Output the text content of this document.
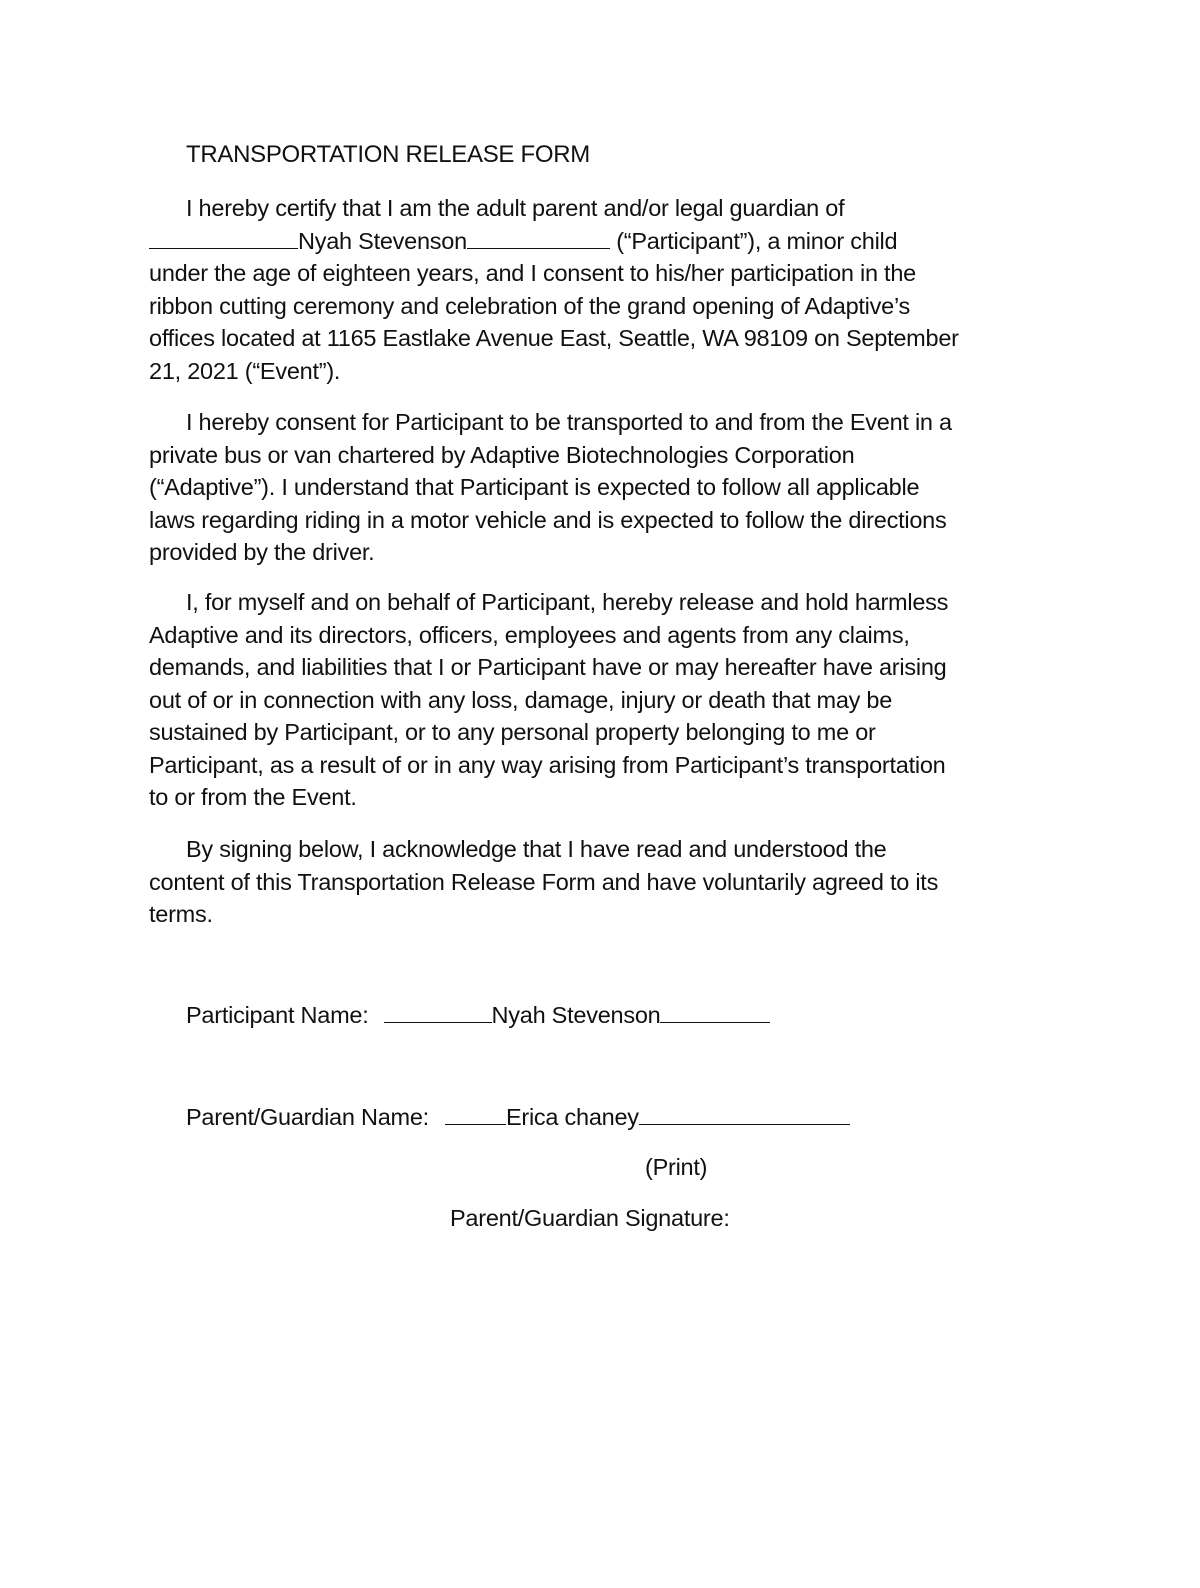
TRANSPORTATION RELEASE FORM
I hereby certify that I am the adult parent and/or legal guardian of
Nyah Stevenson	(“Participant”), a minor child
under the age of eighteen years, and I consent to his/her participation in the
ribbon cutting ceremony and celebration of the grand opening of Adaptive’s
offices located at 1165 Eastlake Avenue East, Seattle, WA 98109 on September
21, 2021 (“Event”).
I hereby consent for Participant to be transported to and from the Event in a
private bus or van chartered by Adaptive Biotechnologies Corporation
(“Adaptive”). I understand that Participant is expected to follow all applicable
laws regarding riding in a motor vehicle and is expected to follow the directions
provided by the driver.
I, for myself and on behalf of Participant, hereby release and hold harmless
Adaptive and its directors, officers, employees and agents from any claims,
demands, and liabilities that I or Participant have or may hereafter have arising
out of or in connection with any loss, damage, injury or death that may be
sustained by Participant, or to any personal property belonging to me or
Participant, as a result of or in any way arising from Participant’s transportation
to or from the Event.
By signing below, I acknowledge that I have read and understood the
content of this Transportation Release Form and have voluntarily agreed to its
terms.
Participant Name:	Nyah Stevenson
Parent/Guardian Name:	Erica chaney
(Print)
Parent/Guardian Signature:
